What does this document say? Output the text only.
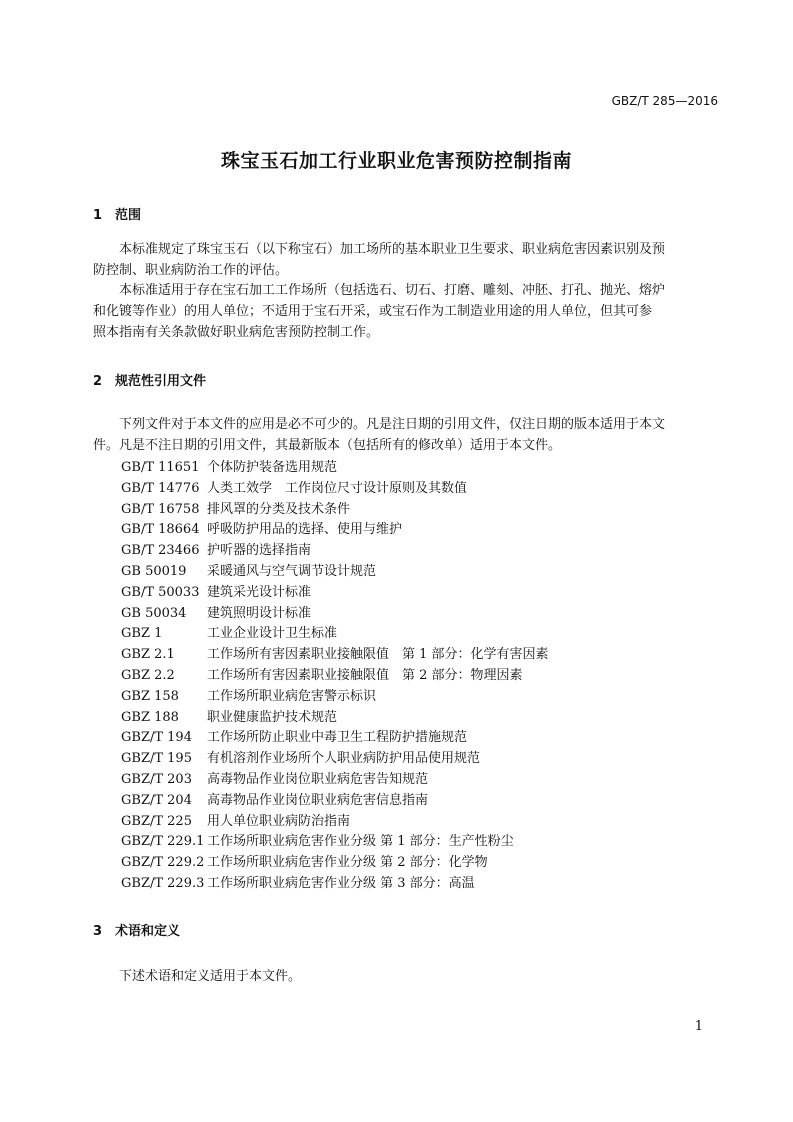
GBZ/T 285—2016
珠宝玉石加工行业职业危害预防控制指南
1 范围

本标准规定了珠宝玉石（以下称宝石）加工场所的基本职业卫生要求、职业病危害因素识别及预
防控制、职业病防治工作的评估。

本标准适用于存在宝石加工工作场所（包括选石、切石、打磨、雕刻、冲胚、打孔、抛光、熔炉
和化镀等作业）的用人单位；不适用于宝石开采，或宝石作为工制造业用途的用人单位，但其可参
照本指南有关条款做好职业病危害预防控制工作。

2 规范性引用文件

下列文件对于本文件的应用是必不可少的。凡是注日期的引用文件，仅注日期的版本适用于本文
件。凡是不注日期的引用文件，其最新版本（包括所有的修改单）适用于本文件。

GB/T 11651 个体防护装备选用规范
GB/T 14776 人类工效学　工作岗位尺寸设计原则及其数值
GB/T 16758 排风罩的分类及技术条件
GB/T 18664 呼吸防护用品的选择、使用与维护
GB/T 23466 护听器的选择指南
GB 50019 采暖通风与空气调节设计规范
GB/T 50033 建筑采光设计标准
GB 50034 建筑照明设计标准
GBZ 1	工业企业设计卫生标准
GBZ 2.1 工作场所有害因素职业接触限值　第 1 部分：化学有害因素
GBZ 2.2 工作场所有害因素职业接触限值　第 2 部分：物理因素
GBZ 158 工作场所职业病危害警示标识
GBZ 188 职业健康监护技术规范
GBZ/T 194 工作场所防止职业中毒卫生工程防护措施规范
GBZ/T 195 有机溶剂作业场所个人职业病防护用品使用规范
GBZ/T 203 高毒物品作业岗位职业病危害告知规范
GBZ/T 204 高毒物品作业岗位职业病危害信息指南
GBZ/T 225 用人单位职业病防治指南
GBZ/T 229.1 工作场所职业病危害作业分级 第 1 部分：生产性粉尘
GBZ/T 229.2 工作场所职业病危害作业分级 第 2 部分：化学物
GBZ/T 229.3 工作场所职业病危害作业分级 第 3 部分：高温
3 术语和定义

下述术语和定义适用于本文件。

1
